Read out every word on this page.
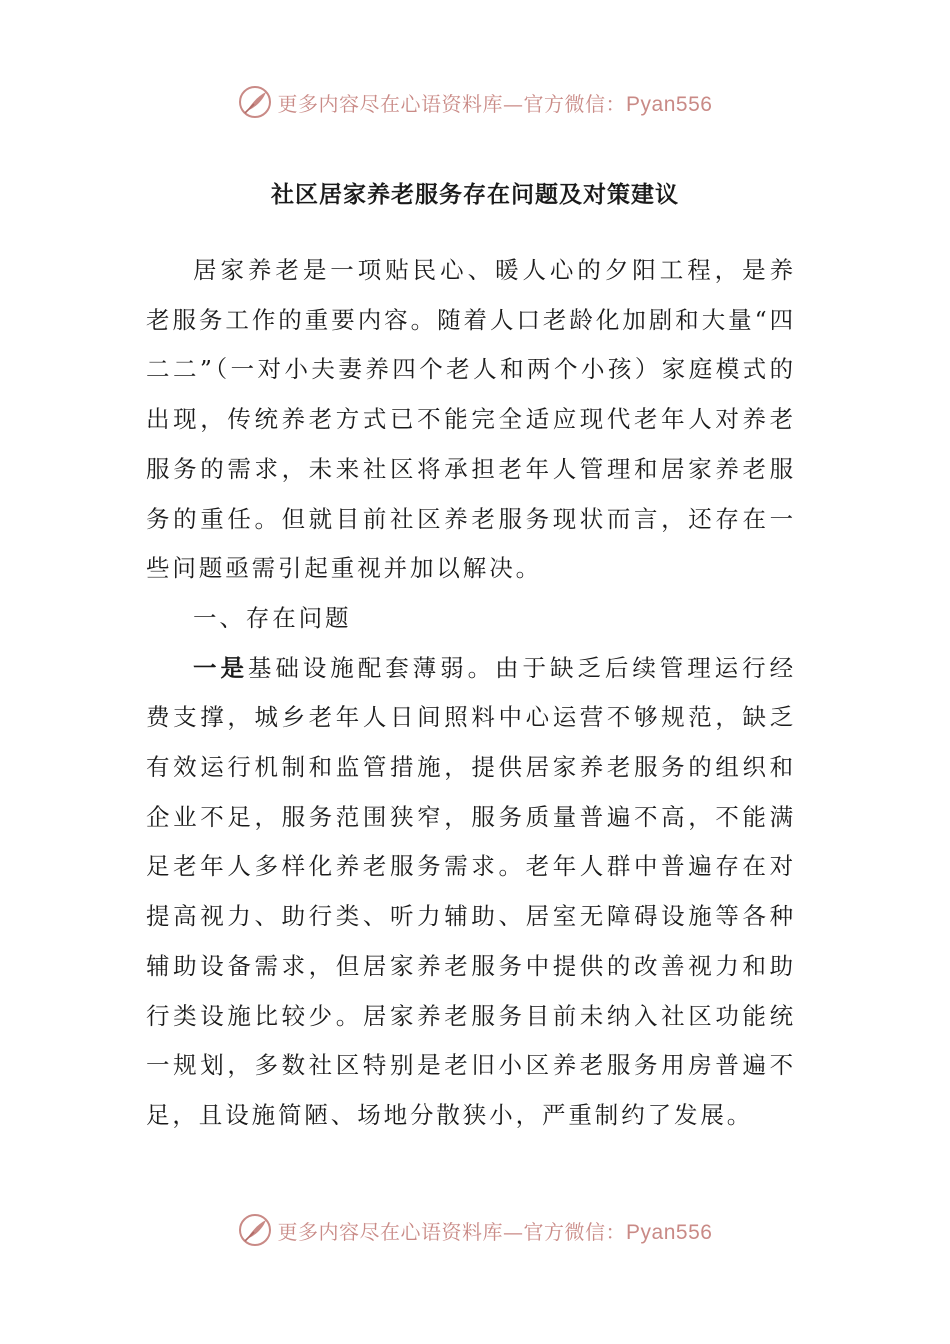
更多内容尽在心语资料库—官方微信：Pyan556
社区居家养老服务存在问题及对策建议

居家养老是一项贴民心、暖人心的夕阳工程，是养老服务工作的重要内容。随着人口老龄化加剧和大量“四二二”（一对小夫妻养四个老人和两个小孩）家庭模式的出现，传统养老方式已不能完全适应现代老年人对养老服务的需求，未来社区将承担老年人管理和居家养老服务的重任。但就目前社区养老服务现状而言，还存在一些问题亟需引起重视并加以解决。

一、存在问题

一是基础设施配套薄弱。由于缺乏后续管理运行经费支撑，城乡老年人日间照料中心运营不够规范，缺乏有效运行机制和监管措施，提供居家养老服务的组织和企业不足，服务范围狭窄，服务质量普遍不高，不能满足老年人多样化养老服务需求。老年人群中普遍存在对提高视力、助行类、听力辅助、居室无障碍设施等各种辅助设备需求，但居家养老服务中提供的改善视力和助行类设施比较少。居家养老服务目前未纳入社区功能统一规划，多数社区特别是老旧小区养老服务用房普遍不足，且设施简陋、场地分散狭小，严重制约了发展。

更多内容尽在心语资料库—官方微信：Pyan556
